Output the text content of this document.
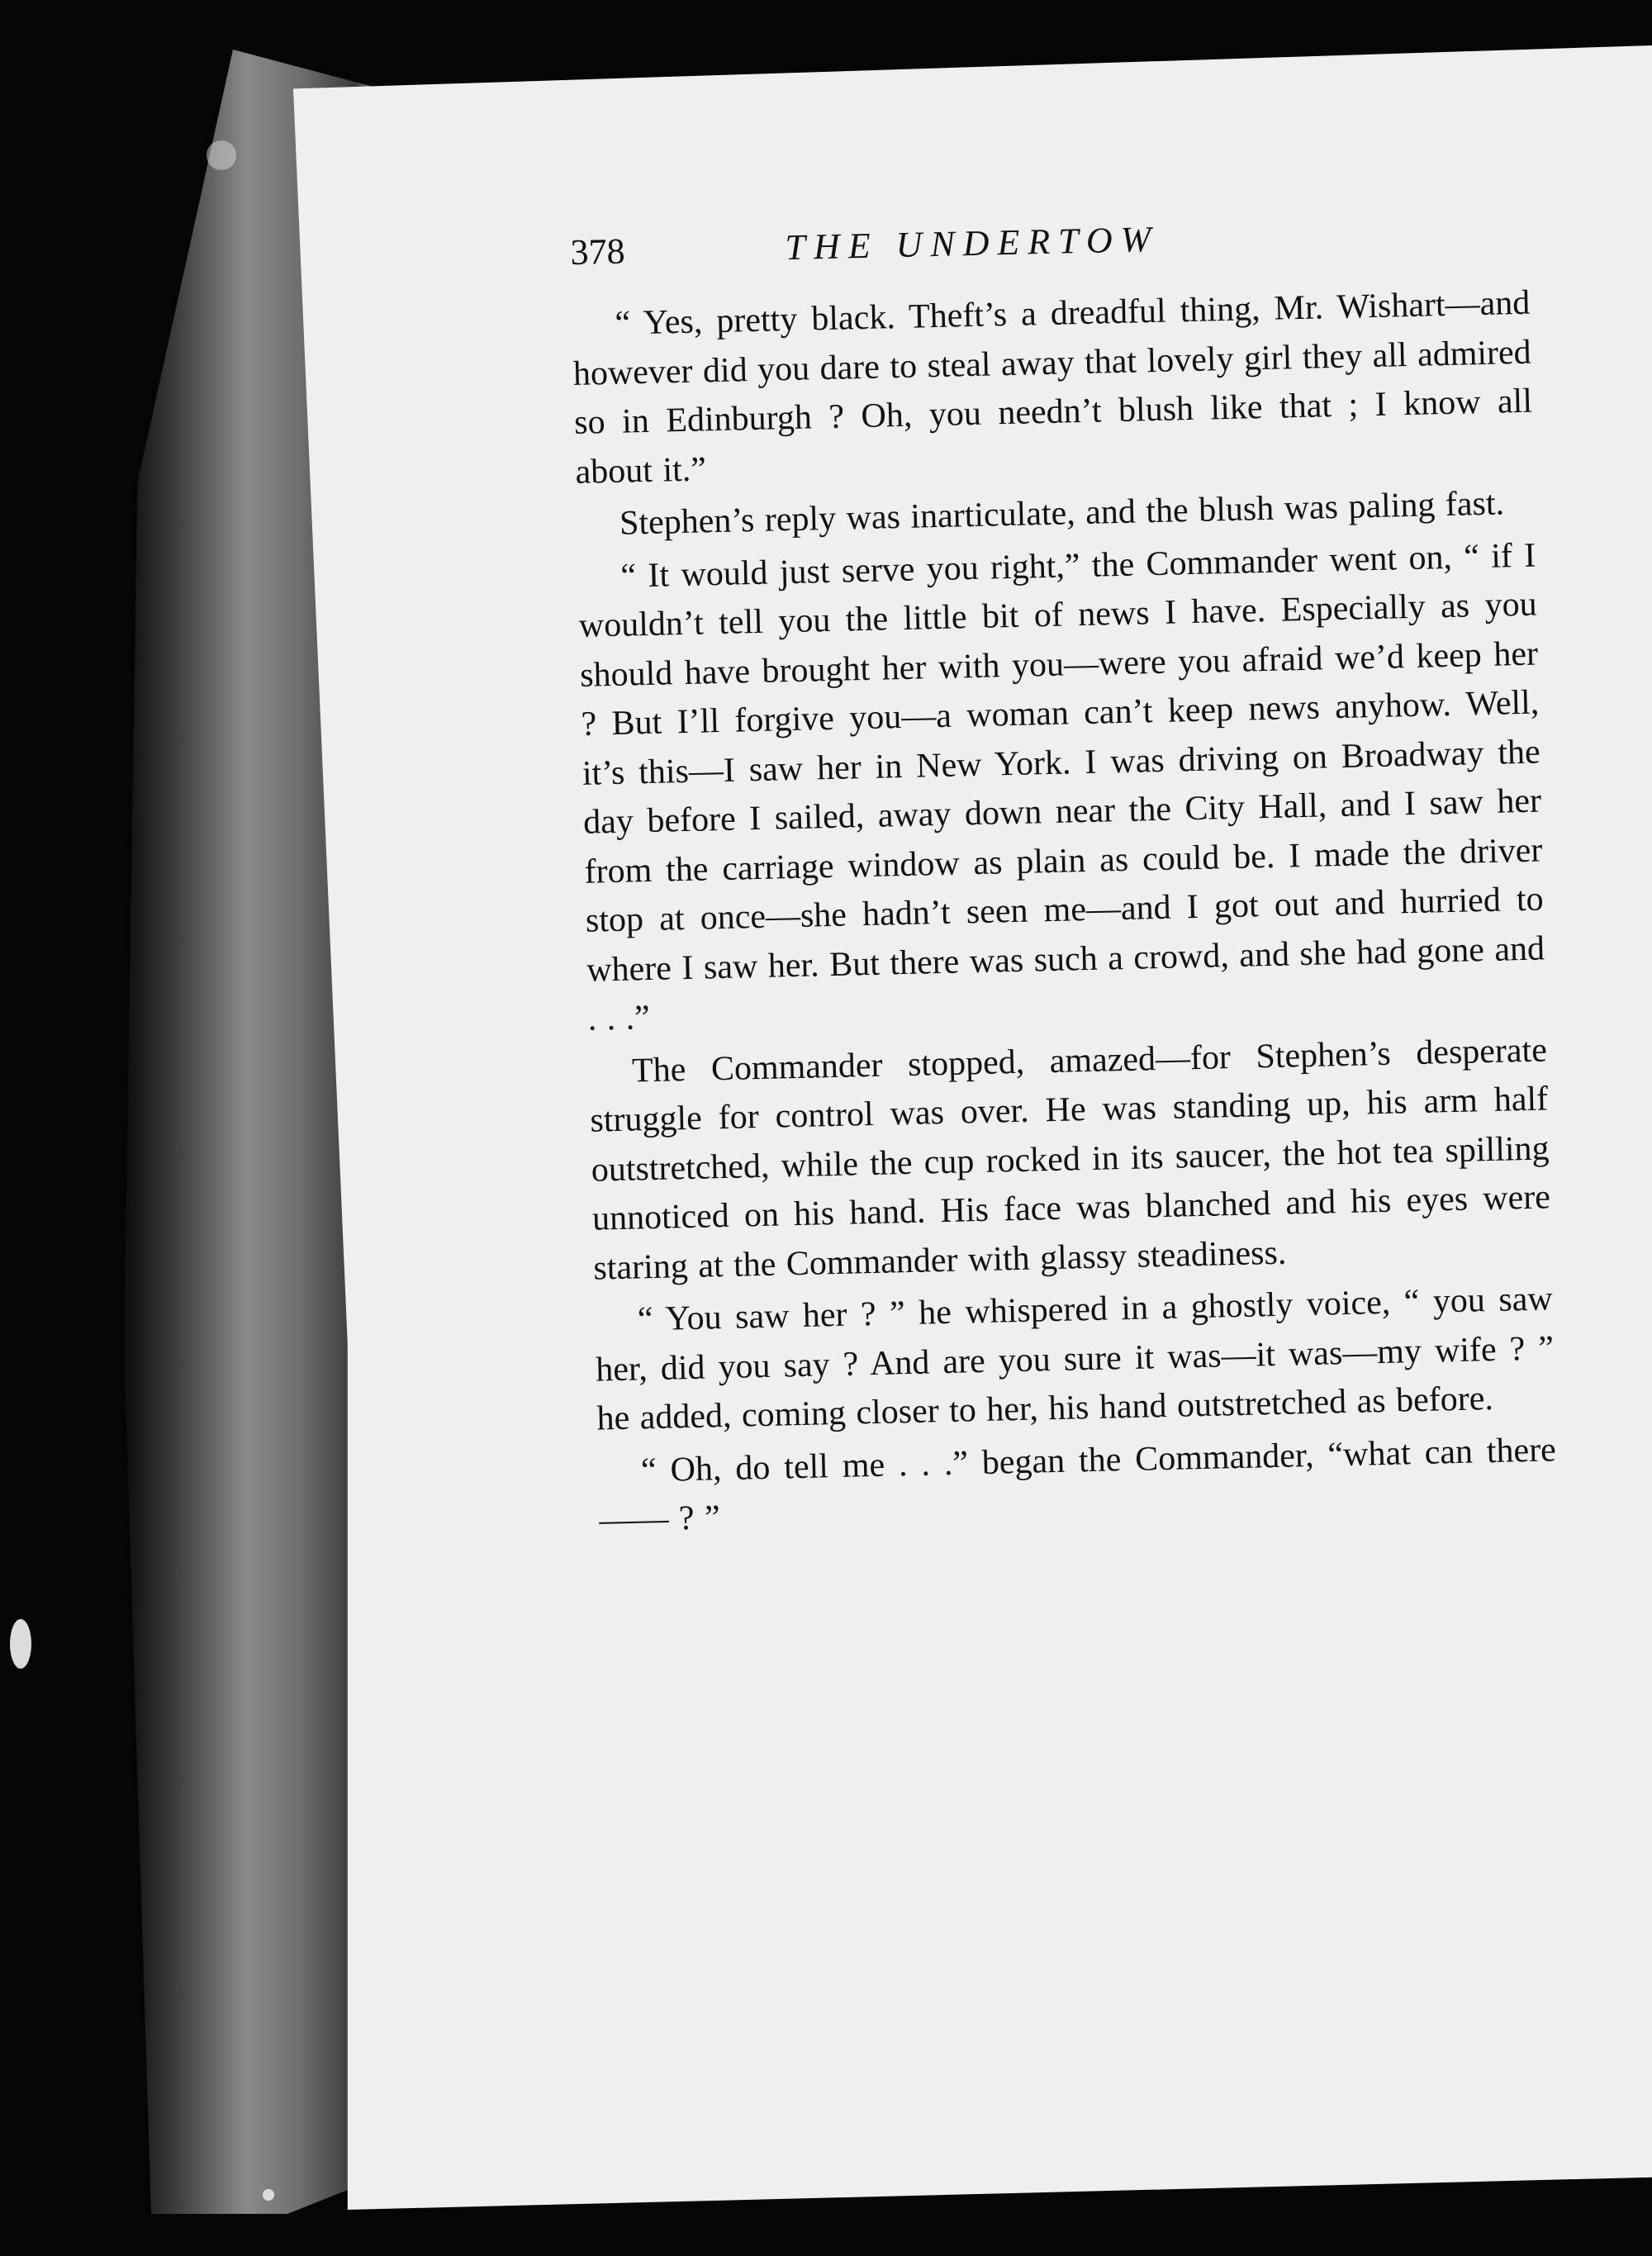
378	THE UNDERTOW

“ Yes, pretty black. Theft’s a dreadful thing, Mr. Wishart—and however did you dare to steal away that lovely girl they all admired so in Edinburgh ? Oh, you needn’t blush like that ; I know all about it.”

Stephen’s reply was inarticulate, and the blush was paling fast.

“ It would just serve you right,” the Commander went on, “ if I wouldn’t tell you the little bit of news I have. Especially as you should have brought her with you—were you afraid we’d keep her ? But I’ll forgive you—a woman can’t keep news anyhow. Well, it’s this—I saw her in New York. I was driving on Broadway the day before I sailed, away down near the City Hall, and I saw her from the carriage window as plain as could be. I made the driver stop at once—she hadn’t seen me—and I got out and hurried to where I saw her. But there was such a crowd, and she had gone and . . .”

The Commander stopped, amazed—for Stephen’s desperate struggle for control was over. He was standing up, his arm half outstretched, while the cup rocked in its saucer, the hot tea spilling unnoticed on his hand. His face was blanched and his eyes were staring at the Commander with glassy steadiness.

“ You saw her ? ” he whispered in a ghostly voice, “ you saw her, did you say ? And are you sure it was—it was—my wife ? ” he added, coming closer to her, his hand outstretched as before.

“ Oh, do tell me . . .” began the Commander, “what can there —— ? ”
